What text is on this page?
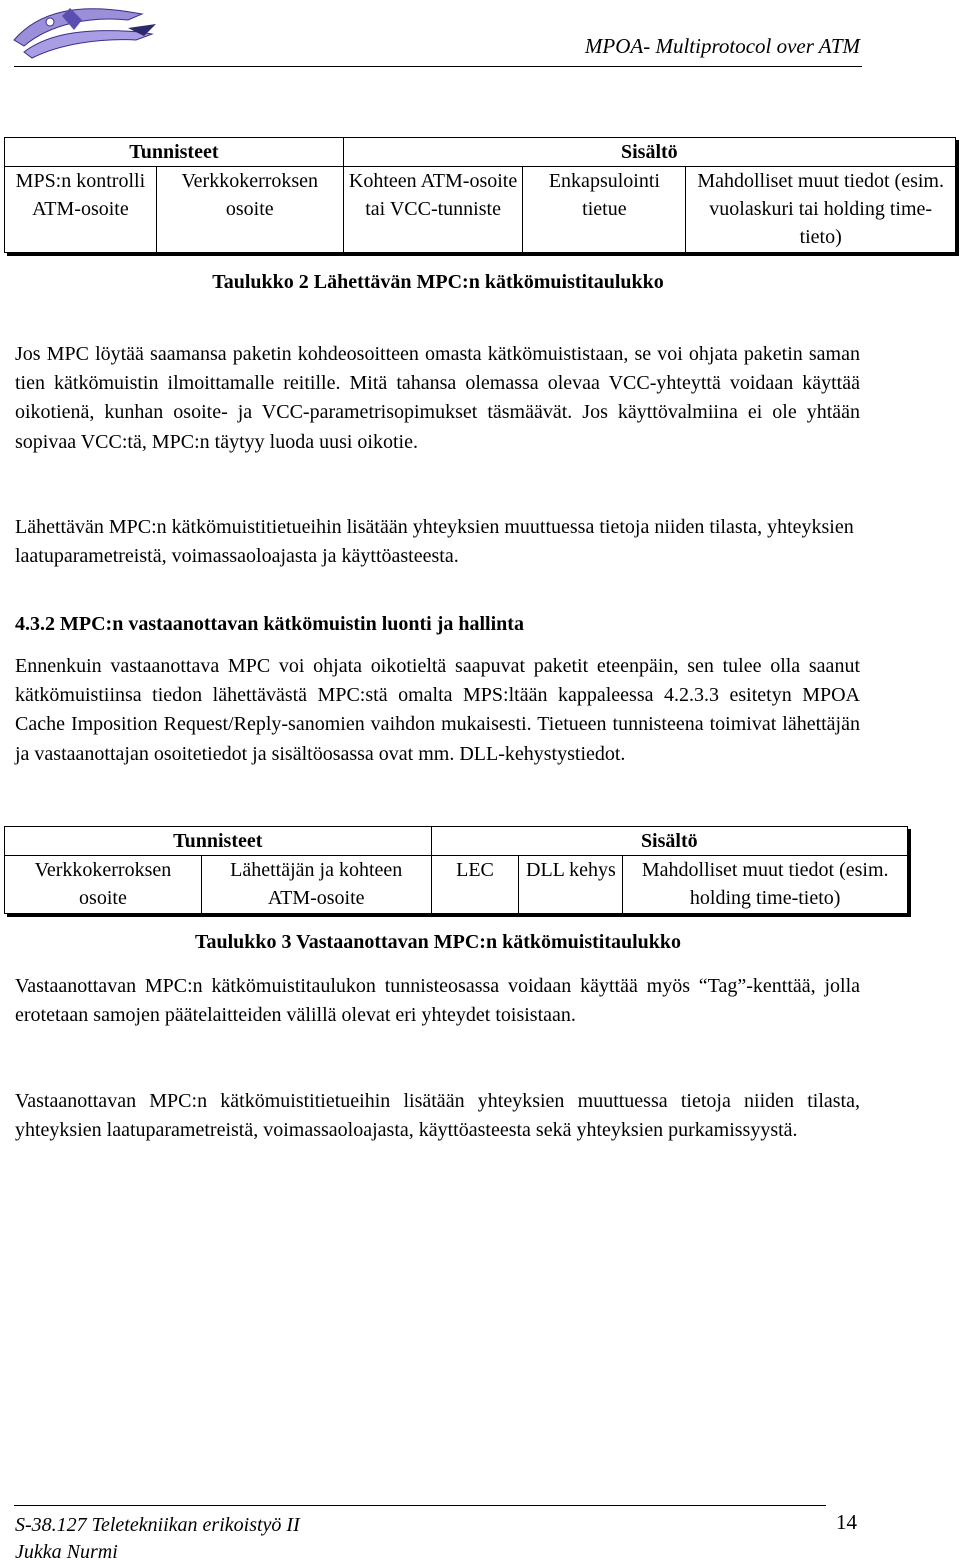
MPOA- Multiprotocol over ATM
Tunnisteet		Sisältö		
MPS:n kontrolli ATM-osoite	Verkkokerroksen osoite	Kohteen ATM-osoite tai VCC-tunniste	Enkapsulointi tietue	Mahdolliset muut tiedot (esim. vuolaskuri tai holding time-tieto)
Taulukko 2 Lähettävän MPC:n kätkömuistitaulukko
Jos MPC löytää saamansa paketin kohdeosoitteen omasta kätkömuististaan, se voi ohjata paketin saman tien kätkömuistin ilmoittamalle reitille. Mitä tahansa olemassa olevaa VCC-yhteyttä voidaan käyttää oikotienä, kunhan osoite- ja VCC-parametrisopimukset täsmäävät. Jos käyttövalmiina ei ole yhtään sopivaa VCC:tä, MPC:n täytyy luoda uusi oikotie.
Lähettävän MPC:n kätkömuistitietueihin lisätään yhteyksien muuttuessa tietoja niiden tilasta, yhteyksien laatuparametreistä, voimassaoloajasta ja käyttöasteesta.
4.3.2 MPC:n vastaanottavan kätkömuistin luonti ja hallinta
Ennenkuin vastaanottava MPC voi ohjata oikotieltä saapuvat paketit eteenpäin, sen tulee olla saanut kätkömuistiinsa tiedon lähettävästä MPC:stä omalta MPS:ltään kappaleessa 4.2.3.3 esitetyn MPOA Cache Imposition Request/Reply-sanomien vaihdon mukaisesti. Tietueen tunnisteena toimivat lähettäjän ja vastaanottajan osoitetiedot ja sisältöosassa ovat mm. DLL-kehystystiedot.
Tunnisteet		Sisältö		
Verkkokerroksen osoite	Lähettäjän ja kohteen ATM-osoite	LEC	DLL kehys	Mahdolliset muut tiedot (esim. holding time-tieto)
Taulukko 3 Vastaanottavan MPC:n kätkömuistitaulukko
Vastaanottavan MPC:n kätkömuistitaulukon tunnisteosassa voidaan käyttää myös “Tag”-kenttää, jolla erotetaan samojen päätelaitteiden välillä olevat eri yhteydet toisistaan.
Vastaanottavan MPC:n kätkömuistitietueihin lisätään yhteyksien muuttuessa tietoja niiden tilasta, yhteyksien laatuparametreistä, voimassaoloajasta, käyttöasteesta sekä yhteyksien purkamissyystä.
S-38.127 Teletekniikan erikoistyö II
Jukka Nurmi
14
